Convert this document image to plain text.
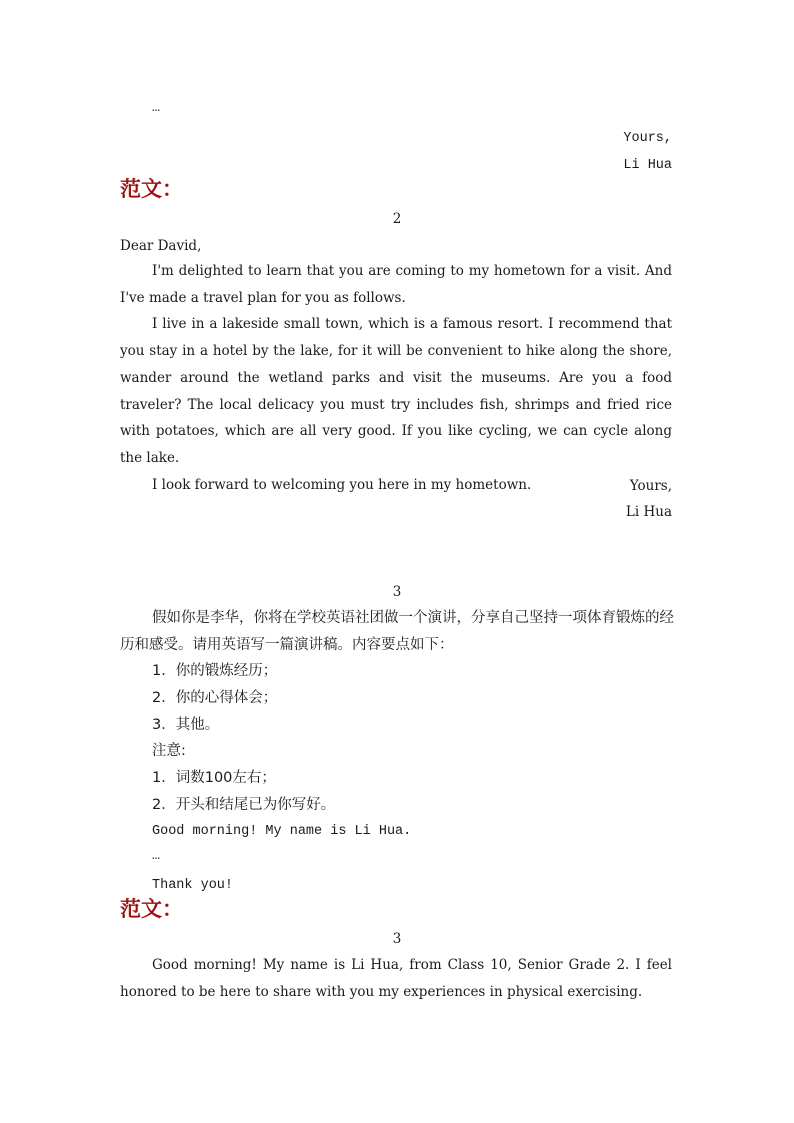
…
Yours,
Li Hua
范文：
2
Dear David,

I'm delighted to learn that you are coming to my hometown for a visit. And I've made a travel plan for you as follows.

I live in a lakeside small town, which is a famous resort. I recommend that you stay in a hotel by the lake, for it will be convenient to hike along the shore, wander around the wetland parks and visit the museums. Are you a food traveler? The local delicacy you must try includes fish, shrimps and fried rice with potatoes, which are all very good. If you like cycling, we can cycle along the lake.

I look forward to welcoming you here in my hometown.	Yours,
Li Hua
3
假如你是李华，你将在学校英语社团做一个演讲，分享自己坚持一项体育锻炼的经历和感受。请用英语写一篇演讲稿。内容要点如下：
1．你的锻炼经历；
2．你的心得体会；
3．其他。
注意:
1．词数100左右；
2．开头和结尾已为你写好。
Good morning! My name is Li Hua.
…
Thank you!
范文：
3

Good morning! My name is Li Hua, from Class 10, Senior Grade 2. I feel honored to be here to share with you my experiences in physical exercising.
